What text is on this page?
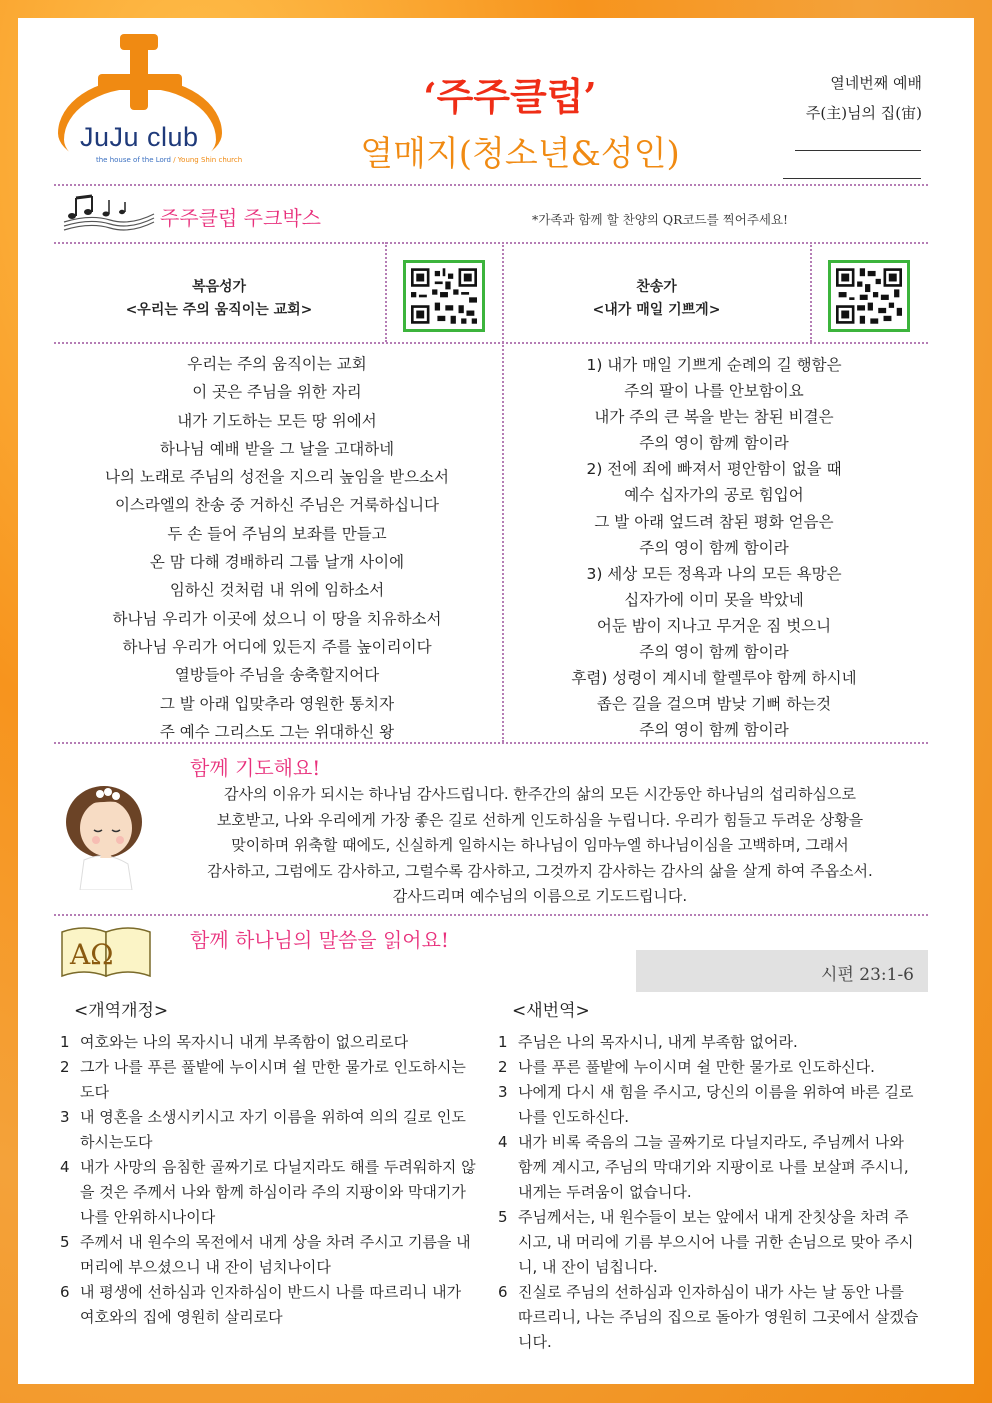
JuJu club
the house of the Lord / Young Shin church
‘주주클럽’
열매지(청소년&성인)
열네번째 예배
주(主)님의 집(宙)
주주클럽 주크박스	*가족과 함께 할 찬양의 QR코드를 찍어주세요!
복음성가
<우리는 주의 움직이는 교회>
우리는 주의 움직이는 교회
이 곳은 주님을 위한 자리
내가 기도하는 모든 땅 위에서
하나님 예배 받을 그 날을 고대하네
나의 노래로 주님의 성전을 지으리 높임을 받으소서
이스라엘의 찬송 중 거하신 주님은 거룩하십니다
두 손 들어 주님의 보좌를 만들고
온 맘 다해 경배하리 그룹 날개 사이에
임하신 것처럼 내 위에 임하소서
하나님 우리가 이곳에 섰으니 이 땅을 치유하소서
하나님 우리가 어디에 있든지 주를 높이리이다
열방들아 주님을 송축할지어다
그 발 아래 입맞추라 영원한 통치자
주 예수 그리스도 그는 위대하신 왕
찬송가
<내가 매일 기쁘게>
1) 내가 매일 기쁘게 순례의 길 행함은
주의 팔이 나를 안보함이요
내가 주의 큰 복을 받는 참된 비결은
주의 영이 함께 함이라
2) 전에 죄에 빠져서 평안함이 없을 때
예수 십자가의 공로 힘입어
그 발 아래 엎드려 참된 평화 얻음은
주의 영이 함께 함이라
3) 세상 모든 정욕과 나의 모든 욕망은
십자가에 이미 못을 박았네
어둔 밤이 지나고 무거운 짐 벗으니
주의 영이 함께 함이라
후렴) 성령이 계시네 할렐루야 함께 하시네
좁은 길을 걸으며 밤낮 기뻐 하는것
주의 영이 함께 함이라
함께 기도해요!
감사의 이유가 되시는 하나님 감사드립니다. 한주간의 삶의 모든 시간동안 하나님의 섭리하심으로
보호받고, 나와 우리에게 가장 좋은 길로 선하게 인도하심을 누립니다. 우리가 힘들고 두려운 상황을
맞이하며 위축할 때에도, 신실하게 일하시는 하나님이 임마누엘 하나님이심을 고백하며, 그래서
감사하고, 그럼에도 감사하고, 그럴수록 감사하고, 그것까지 감사하는 감사의 삶을 살게 하여 주옵소서.
감사드리며 예수님의 이름으로 기도드립니다.
AΩ	함께 하나님의 말씀을 읽어요!
시편 23:1-6
<개역개정>	<새번역>
1 여호와는 나의 목자시니 내게 부족함이 없으리로다
2 그가 나를 푸른 풀밭에 누이시며 쉴 만한 물가로 인도하시는도다
3 내 영혼을 소생시키시고 자기 이름을 위하여 의의 길로 인도하시는도다
4 내가 사망의 음침한 골짜기로 다닐지라도 해를 두려워하지 않을 것은 주께서 나와 함께 하심이라 주의 지팡이와 막대기가 나를 안위하시나이다
5 주께서 내 원수의 목전에서 내게 상을 차려 주시고 기름을 내 머리에 부으셨으니 내 잔이 넘치나이다
6 내 평생에 선하심과 인자하심이 반드시 나를 따르리니 내가 여호와의 집에 영원히 살리로다
1 주님은 나의 목자시니, 내게 부족함 없어라.
2 나를 푸른 풀밭에 누이시며 쉴 만한 물가로 인도하신다.
3 나에게 다시 새 힘을 주시고, 당신의 이름을 위하여 바른 길로 나를 인도하신다.
4 내가 비록 죽음의 그늘 골짜기로 다닐지라도, 주님께서 나와 함께 계시고, 주님의 막대기와 지팡이로 나를 보살펴 주시니, 내게는 두려움이 없습니다.
5 주님께서는, 내 원수들이 보는 앞에서 내게 잔칫상을 차려 주시고, 내 머리에 기름 부으시어 나를 귀한 손님으로 맞아 주시니, 내 잔이 넘칩니다.
6 진실로 주님의 선하심과 인자하심이 내가 사는 날 동안 나를 따르리니, 나는 주님의 집으로 돌아가 영원히 그곳에서 살겠습니다.
